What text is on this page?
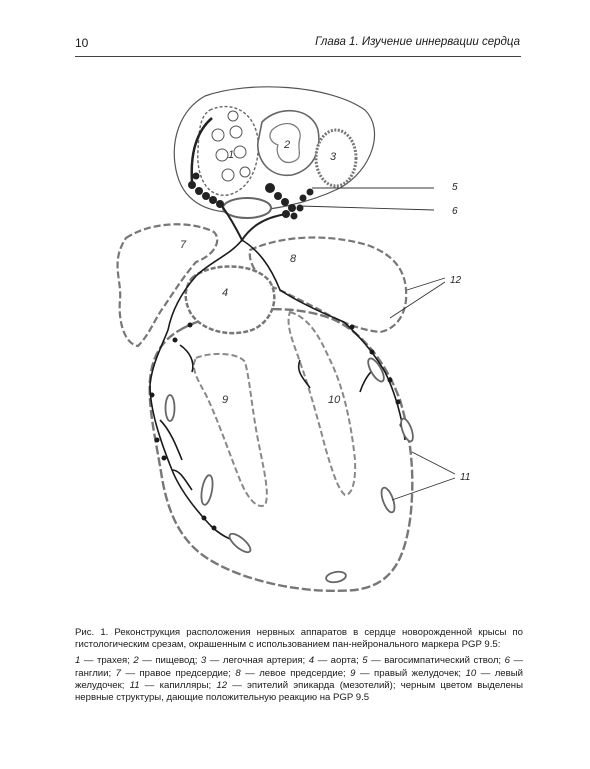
10	Глава 1. Изучение иннервации сердца
1
2
3
4
7
8
9	10
5
6
12
11

Рис. 1. Реконструкция расположения нервных аппаратов в сердце новорожденной крысы по гистологическим срезам, окрашенным с использованием пан-нейронального маркера PGP 9.5:

1 — трахея; 2 — пищевод; 3 — легочная артерия; 4 — аорта; 5 — вагосимпатический ствол; 6 — ганглии; 7 — правое предсердие; 8 — левое предсердие; 9 — правый желудочек; 10 — левый желудочек; 11 — капилляры; 12 — эпителий эпикарда (мезотелий); черным цветом выделены нервные структуры, дающие положительную реакцию на PGP 9.5
